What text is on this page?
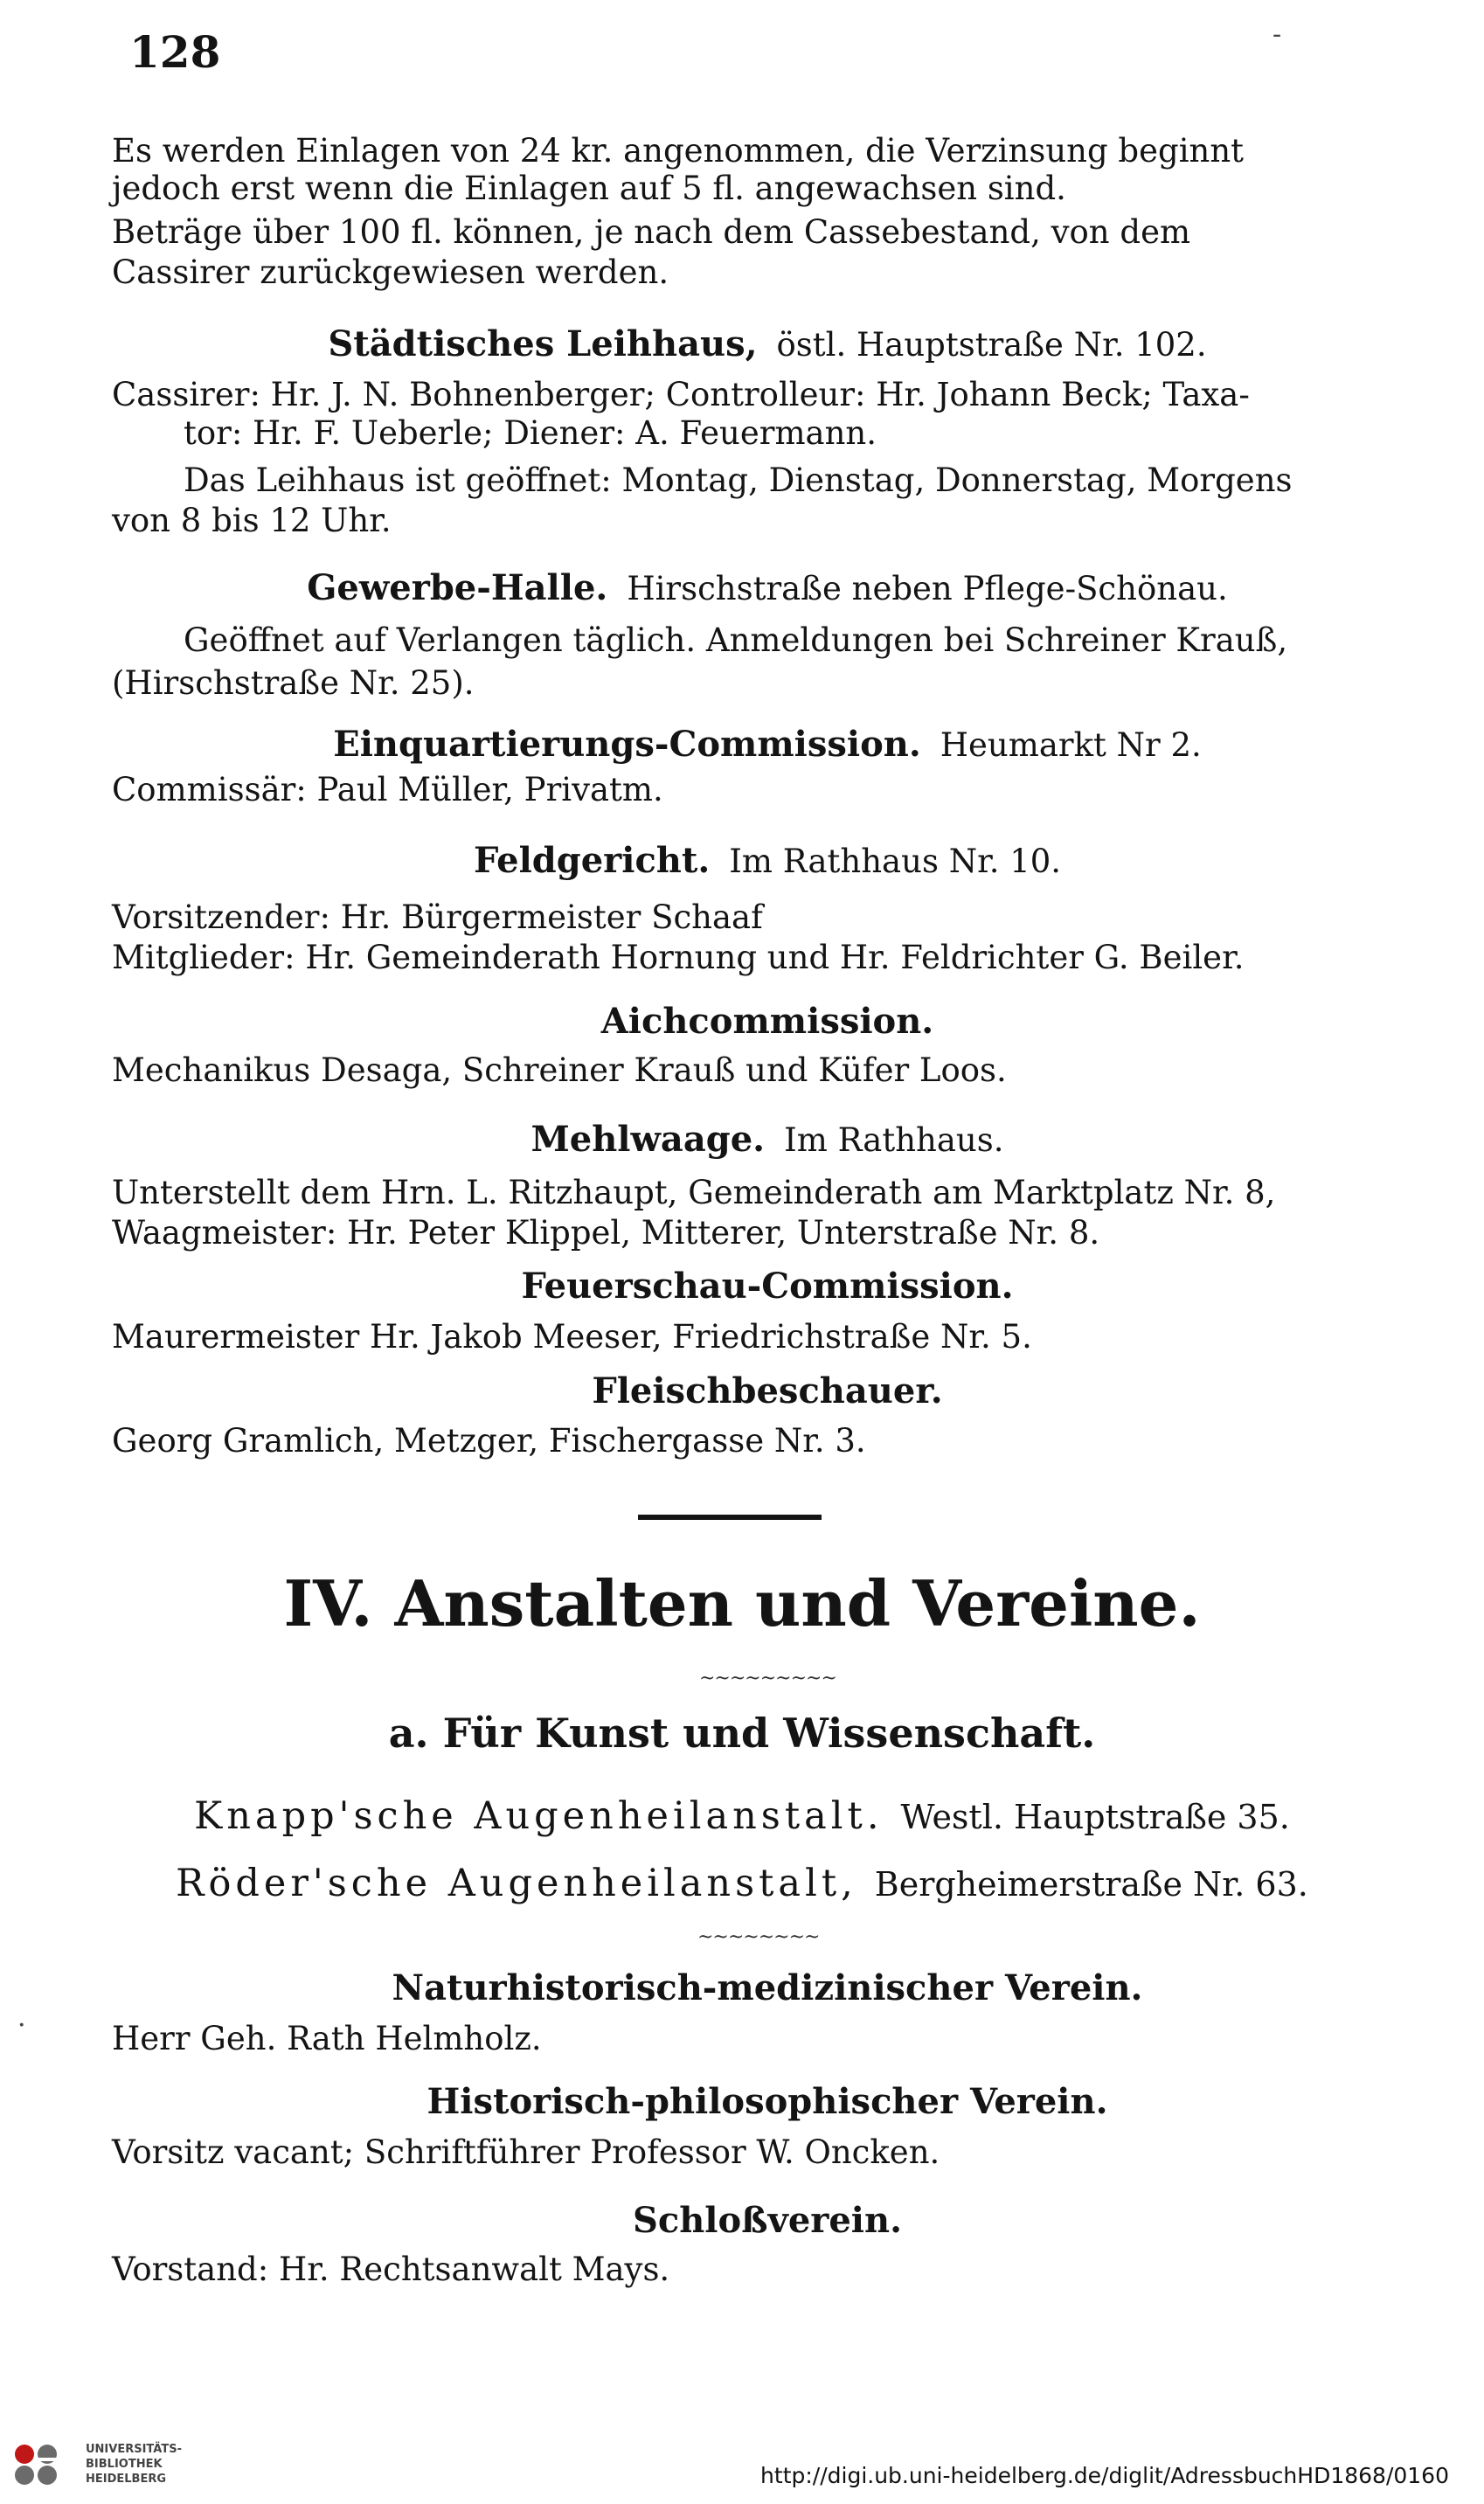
128	-

Es werden Einlagen von 24 kr. angenommen, die Verzinsung beginnt

jedoch erst wenn die Einlagen auf 5 fl. angewachsen sind.

Beträge über 100 fl. können, je nach dem Cassebestand, von dem

Cassirer zurückgewiesen werden.

Städtisches Leihhaus, östl. Hauptstraße Nr. 102.

Cassirer: Hr. J. N. Bohnenberger; Controlleur: Hr. Johann Beck; Taxa-

tor: Hr. F. Ueberle; Diener: A. Feuermann.

Das Leihhaus ist geöffnet: Montag, Dienstag, Donnerstag, Morgens

von 8 bis 12 Uhr.

Gewerbe-Halle. Hirschstraße neben Pflege-Schönau.

Geöffnet auf Verlangen täglich. Anmeldungen bei Schreiner Krauß,

(Hirschstraße Nr. 25).

Einquartierungs-Commission. Heumarkt Nr 2.

Commissär: Paul Müller, Privatm.

Feldgericht. Im Rathhaus Nr. 10.

Vorsitzender: Hr. Bürgermeister Schaaf

Mitglieder: Hr. Gemeinderath Hornung und Hr. Feldrichter G. Beiler.

Aichcommission.

Mechanikus Desaga, Schreiner Krauß und Küfer Loos.

Mehlwaage. Im Rathhaus.

Unterstellt dem Hrn. L. Ritzhaupt, Gemeinderath am Marktplatz Nr. 8,

Waagmeister: Hr. Peter Klippel, Mitterer, Unterstraße Nr. 8.

Feuerschau-Commission.

Maurermeister Hr. Jakob Meeser, Friedrichstraße Nr. 5.

Fleischbeschauer.

Georg Gramlich, Metzger, Fischergasse Nr. 3.

IV. Anstalten und Vereine.
~~~~~~~~~
a. Für Kunst und Wissenschaft.
Knapp'sche Augenheilanstalt. Westl. Hauptstraße 35.
Röder'sche Augenheilanstalt, Bergheimerstraße Nr. 63.
~~~~~~~~
Naturhistorisch-medizinischer Verein.

Herr Geh. Rath Helmholz.

·
Historisch-philosophischer Verein.

Vorsitz vacant; Schriftführer Professor W. Oncken.

Schloßverein.

Vorstand: Hr. Rechtsanwalt Mays.

UNIVERSITÄTS-
BIBLIOTHEK
HEIDELBERG	http://digi.ub.uni-heidelberg.de/diglit/AdressbuchHD1868/0160
